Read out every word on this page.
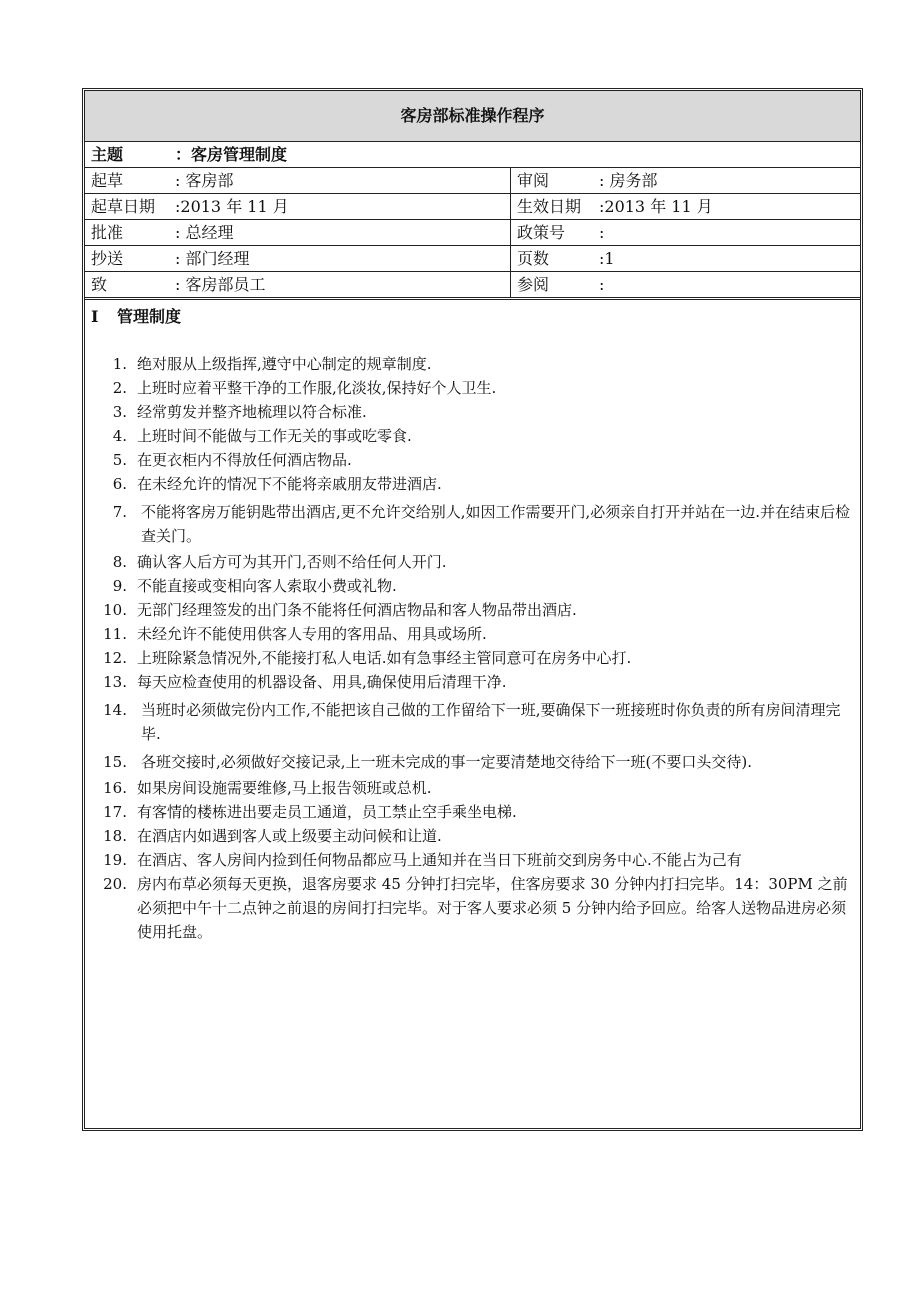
客房部标准操作程序
主题	：客房管理制度
起草	: 客房部	审阅	: 房务部
起草日期 :2013 年 11 月	生效日期 :2013 年 11 月
批准	: 总经理	政策号 :
抄送	: 部门经理	页数	:1
致	: 客房部员工	参阅	:
I 管理制度
1. 绝对服从上级指挥,遵守中心制定的规章制度.
2. 上班时应着平整干净的工作服,化淡妆,保持好个人卫生.
3. 经常剪发并整齐地梳理以符合标准.
4. 上班时间不能做与工作无关的事或吃零食.
5. 在更衣柜内不得放任何酒店物品.
6. 在未经允许的情况下不能将亲戚朋友带进酒店.
7. 不能将客房万能钥匙带出酒店,更不允许交给别人,如因工作需要开门,必须亲自打开并站在一边.并在结束后检查关门。
8. 确认客人后方可为其开门,否则不给任何人开门.
9. 不能直接或变相向客人索取小费或礼物.
10. 无部门经理签发的出门条不能将任何酒店物品和客人物品带出酒店.
11. 未经允许不能使用供客人专用的客用品、用具或场所.
12. 上班除紧急情况外,不能接打私人电话.如有急事经主管同意可在房务中心打.
13. 每天应检查使用的机器设备、用具,确保使用后清理干净.
14. 当班时必须做完份内工作,不能把该自己做的工作留给下一班,要确保下一班接班时你负责的所有房间清理完毕.
15. 各班交接时,必须做好交接记录,上一班未完成的事一定要清楚地交待给下一班(不要口头交待).
16. 如果房间设施需要维修,马上报告领班或总机.
17. 有客情的楼栋进出要走员工通道，员工禁止空手乘坐电梯.
18. 在酒店内如遇到客人或上级要主动问候和让道.
19. 在酒店、客人房间内捡到任何物品都应马上通知并在当日下班前交到房务中心.不能占为己有
20. 房内布草必须每天更换，退客房要求 45 分钟打扫完毕，住客房要求 30 分钟内打扫完毕。14：30PM 之前必须把中午十二点钟之前退的房间打扫完毕。对于客人要求必须 5 分钟内给予回应。给客人送物品进房必须使用托盘。
